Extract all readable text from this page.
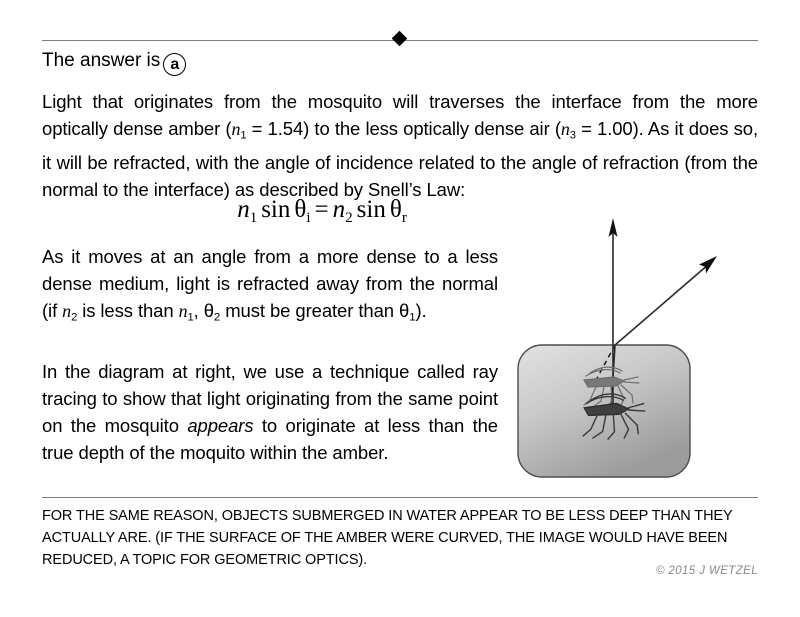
The answer is a
Light that originates from the mosquito will traverses the interface from the more optically dense amber $(n_1 = 1.54)$ to the less optically dense air $(n_3 = 1.00)$. As it does so, it will be refracted, with the angle of incidence related to the angle of refraction (from the normal to the interface) as described by Snell’s Law:
$n_1$ $\sin \theta_i = n_2$ $\sin \theta_r$
As it moves at an angle from a more dense to a less dense medium, light is refracted away from the normal (if $n_2$ is less than $n_1$, $\theta_2$ must be greater than $\theta_1$).
In the diagram at right, we use a technique called ray tracing to show that light originating from the same point on the mosquito appears to originate at less than the true depth of the moquito within the amber.
FOR THE SAME REASON, OBJECTS SUBMERGED IN WATER APPEAR TO BE LESS DEEP THAN THEY ACTUALLY ARE. (IF THE SURFACE OF THE AMBER WERE CURVED, THE IMAGE WOULD HAVE BEEN REDUCED, A TOPIC FOR GEOMETRIC OPTICS).
© 2015 J WETZEL
